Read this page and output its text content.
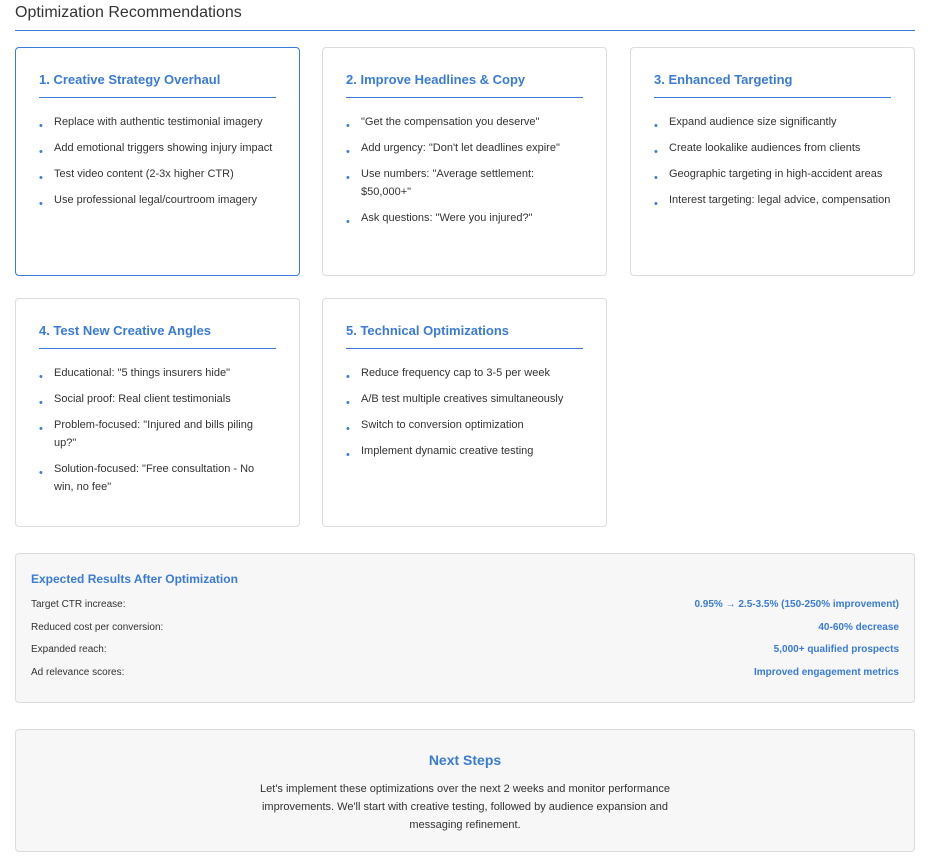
Optimization Recommendations
1. Creative Strategy Overhaul
• Replace with authentic testimonial imagery
• Add emotional triggers showing injury impact
• Test video content (2-3x higher CTR)
• Use professional legal/courtroom imagery
2. Improve Headlines & Copy
• "Get the compensation you deserve"
• Add urgency: "Don't let deadlines expire"
• Use numbers: "Average settlement: $50,000+"
• Ask questions: "Were you injured?"
3. Enhanced Targeting
• Expand audience size significantly
• Create lookalike audiences from clients
• Geographic targeting in high-accident areas
• Interest targeting: legal advice, compensation
4. Test New Creative Angles
• Educational: "5 things insurers hide"
• Social proof: Real client testimonials
• Problem-focused: "Injured and bills piling up?"
• Solution-focused: "Free consultation - No win, no fee"
5. Technical Optimizations
• Reduce frequency cap to 3-5 per week
• A/B test multiple creatives simultaneously
• Switch to conversion optimization
• Implement dynamic creative testing
Expected Results After Optimization
Target CTR increase:	0.95% → 2.5-3.5% (150-250% improvement)
Reduced cost per conversion:	40-60% decrease
Expanded reach:	5,000+ qualified prospects
Ad relevance scores:	Improved engagement metrics
Next Steps

Let's implement these optimizations over the next 2 weeks and monitor performance improvements. We'll start with creative testing, followed by audience expansion and messaging refinement.
